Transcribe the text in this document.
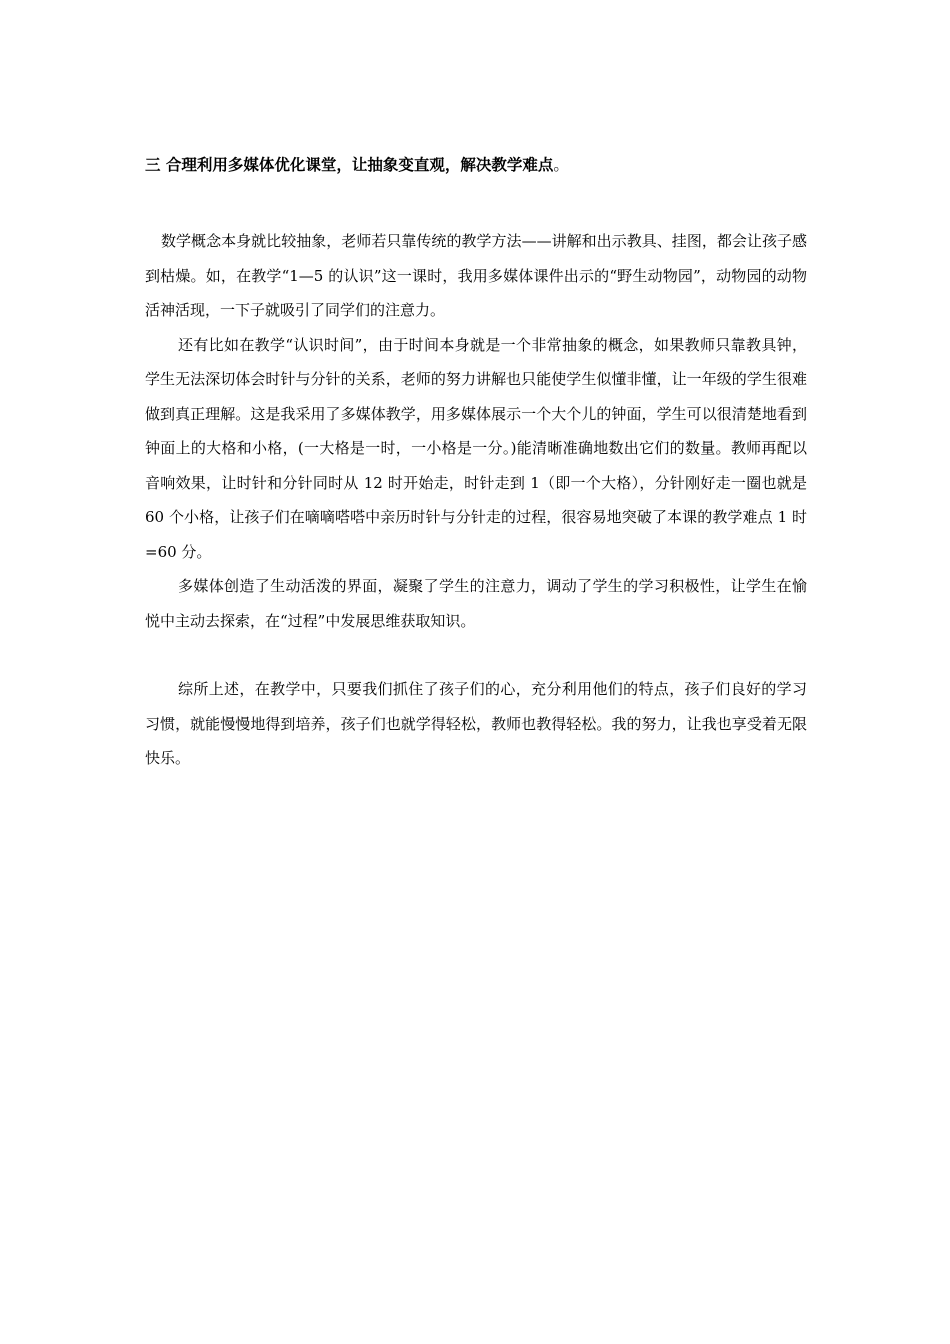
三 合理利用多媒体优化课堂，让抽象变直观，解决教学难点。

数学概念本身就比较抽象，老师若只靠传统的教学方法——讲解和出示教具、挂图，都会让孩子感到枯燥。如，在教学“1—5 的认识”这一课时，我用多媒体课件出示的“野生动物园”，动物园的动物活神活现，一下子就吸引了同学们的注意力。

还有比如在教学“认识时间”，由于时间本身就是一个非常抽象的概念，如果教师只靠教具钟，学生无法深切体会时针与分针的关系，老师的努力讲解也只能使学生似懂非懂，让一年级的学生很难做到真正理解。这是我采用了多媒体教学，用多媒体展示一个大个儿的钟面，学生可以很清楚地看到钟面上的大格和小格，(一大格是一时，一小格是一分。)能清晰准确地数出它们的数量。教师再配以音响效果，让时针和分针同时从 12 时开始走，时针走到 1（即一个大格），分针刚好走一圈也就是 60 个小格，让孩子们在嘀嘀嗒嗒中亲历时针与分针走的过程，很容易地突破了本课的教学难点 1 时=60 分。

多媒体创造了生动活泼的界面，凝聚了学生的注意力，调动了学生的学习积极性，让学生在愉悦中主动去探索，在“过程”中发展思维获取知识。

综所上述，在教学中，只要我们抓住了孩子们的心，充分利用他们的特点，孩子们良好的学习习惯，就能慢慢地得到培养，孩子们也就学得轻松，教师也教得轻松。我的努力，让我也享受着无限快乐。
